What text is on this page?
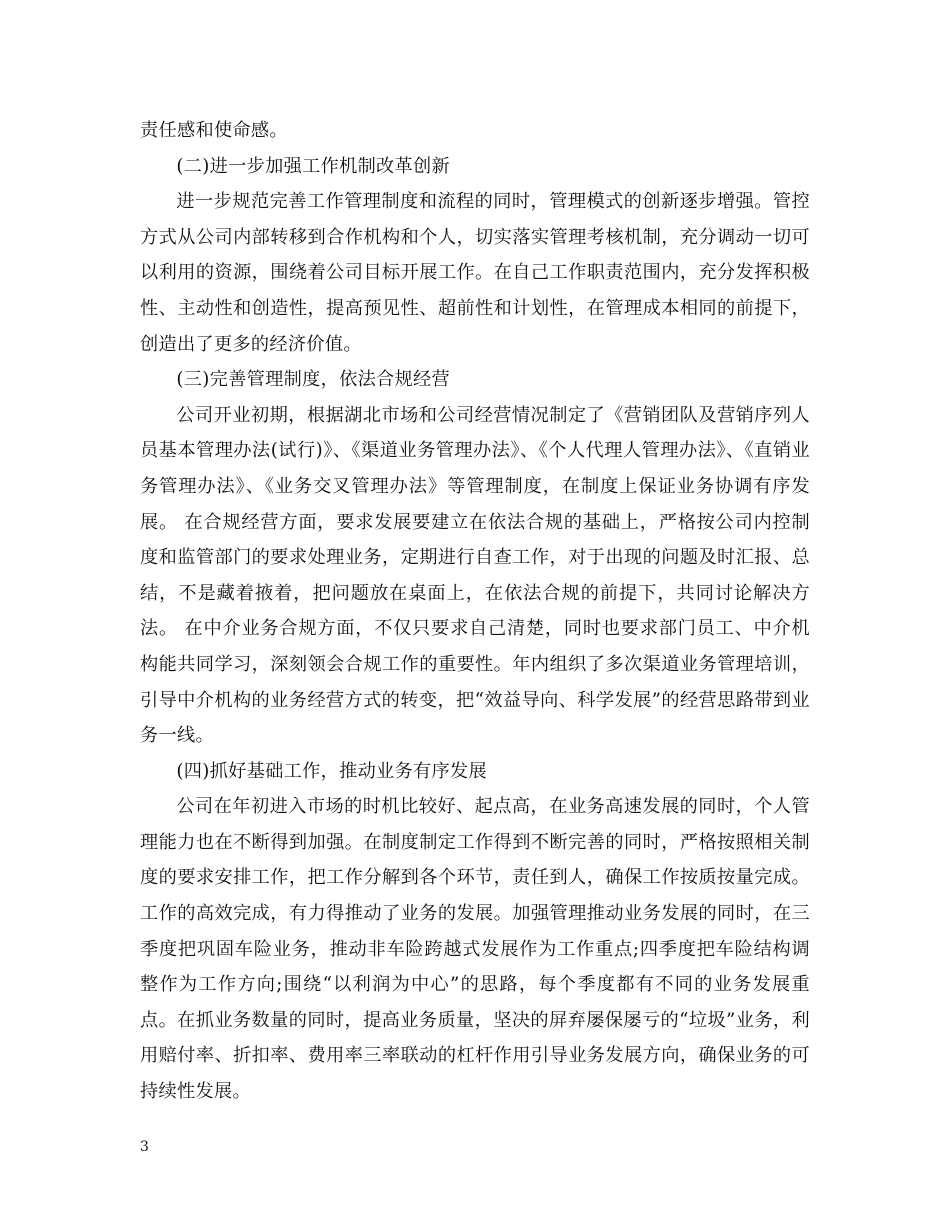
责任感和使命感。

(二)进一步加强工作机制改革创新

进一步规范完善工作管理制度和流程的同时，管理模式的创新逐步增强。管控方式从公司内部转移到合作机构和个人，切实落实管理考核机制，充分调动一切可以利用的资源，围绕着公司目标开展工作。在自己工作职责范围内，充分发挥积极性、主动性和创造性，提高预见性、超前性和计划性，在管理成本相同的前提下，创造出了更多的经济价值。

(三)完善管理制度，依法合规经营

公司开业初期，根据湖北市场和公司经营情况制定了《营销团队及营销序列人员基本管理办法(试行)》、《渠道业务管理办法》、《个人代理人管理办法》、《直销业务管理办法》、《业务交叉管理办法》等管理制度，在制度上保证业务协调有序发展。 在合规经营方面，要求发展要建立在依法合规的基础上，严格按公司内控制度和监管部门的要求处理业务，定期进行自查工作，对于出现的问题及时汇报、总结，不是藏着掖着，把问题放在桌面上，在依法合规的前提下，共同讨论解决方法。 在中介业务合规方面，不仅只要求自己清楚，同时也要求部门员工、中介机构能共同学习，深刻领会合规工作的重要性。年内组织了多次渠道业务管理培训，引导中介机构的业务经营方式的转变，把“效益导向、科学发展”的经营思路带到业务一线。

(四)抓好基础工作，推动业务有序发展

公司在年初进入市场的时机比较好、起点高，在业务高速发展的同时，个人管理能力也在不断得到加强。在制度制定工作得到不断完善的同时，严格按照相关制度的要求安排工作，把工作分解到各个环节，责任到人，确保工作按质按量完成。工作的高效完成，有力得推动了业务的发展。加强管理推动业务发展的同时，在三季度把巩固车险业务，推动非车险跨越式发展作为工作重点;四季度把车险结构调整作为工作方向;围绕“以利润为中心”的思路，每个季度都有不同的业务发展重点。在抓业务数量的同时，提高业务质量，坚决的屏弃屡保屡亏的“垃圾”业务，利用赔付率、折扣率、费用率三率联动的杠杆作用引导业务发展方向，确保业务的可持续性发展。

3
